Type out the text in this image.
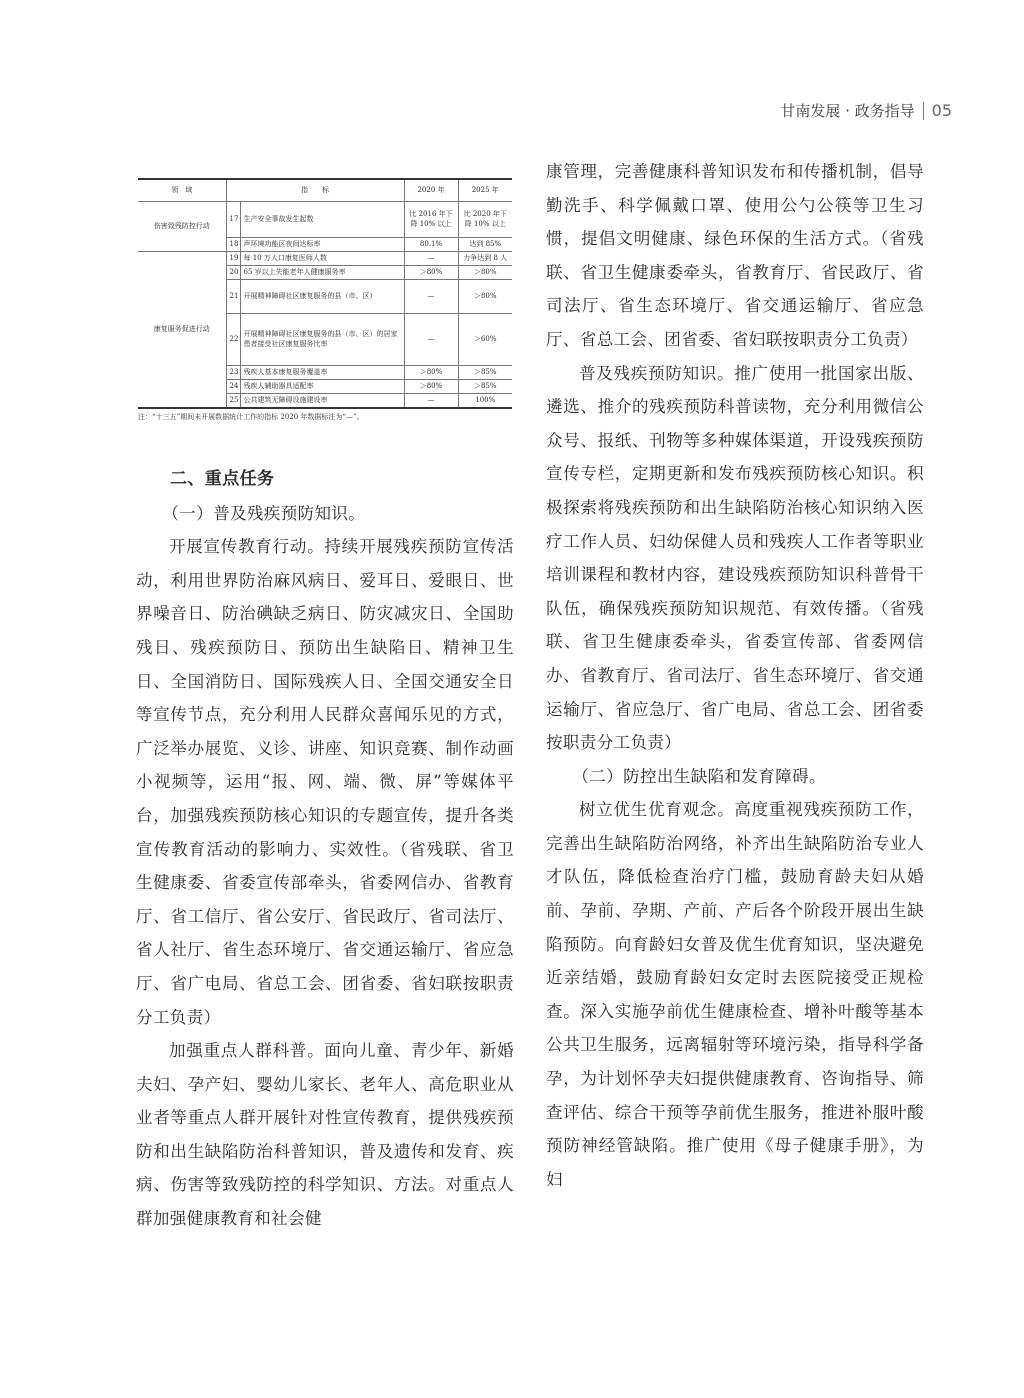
甘南发展 · 政务指导 05
领　域	指　　标		2020 年	2025 年
伤害致残防控行动	17	生产安全事故发生起数	比 2016 年下降 10% 以上	比 2020 年下降 10% 以上
	18	声环境功能区夜间达标率	80.1%	达到 85%
康复服务促进行动	19	每 10 万人口康复医师人数	—	力争达到 8 人
	20	65 岁以上失能老年人健康服务率	＞80%	＞80%
	21	开展精神障碍社区康复服务的县（市、区）	—	＞80%
	22	开展精神障碍社区康复服务的县（市、区）的居家患者接受社区康复服务比率	—	＞60%
	23	残疾人基本康复服务覆盖率	＞80%	＞85%
	24	残疾人辅助器具适配率	＞80%	＞85%
	25	公共建筑无障碍设施建设率	—	100%
注：“十三五”期间未开展数据统计工作的指标 2020 年数据标注为“—”。
二、重点任务
（一）普及残疾预防知识。

开展宣传教育行动。持续开展残疾预防宣传活动，利用世界防治麻风病日、爱耳日、爱眼日、世界噪音日、防治碘缺乏病日、防灾减灾日、全国助残日、残疾预防日、预防出生缺陷日、精神卫生日、全国消防日、国际残疾人日、全国交通安全日等宣传节点，充分利用人民群众喜闻乐见的方式，广泛举办展览、义诊、讲座、知识竞赛、制作动画小视频等，运用“报、网、端、微、屏”等媒体平台，加强残疾预防核心知识的专题宣传，提升各类宣传教育活动的影响力、实效性。（省残联、省卫生健康委、省委宣传部牵头，省委网信办、省教育厅、省工信厅、省公安厅、省民政厅、省司法厅、省人社厅、省生态环境厅、省交通运输厅、省应急厅、省广电局、省总工会、团省委、省妇联按职责分工负责）

加强重点人群科普。面向儿童、青少年、新婚夫妇、孕产妇、婴幼儿家长、老年人、高危职业从业者等重点人群开展针对性宣传教育，提供残疾预防和出生缺陷防治科普知识，普及遗传和发育、疾病、伤害等致残防控的科学知识、方法。对重点人群加强健康教育和社会健

康管理，完善健康科普知识发布和传播机制，倡导勤洗手、科学佩戴口罩、使用公勺公筷等卫生习惯，提倡文明健康、绿色环保的生活方式。（省残联、省卫生健康委牵头，省教育厅、省民政厅、省司法厅、省生态环境厅、省交通运输厅、省应急厅、省总工会、团省委、省妇联按职责分工负责）

普及残疾预防知识。推广使用一批国家出版、遴选、推介的残疾预防科普读物，充分利用微信公众号、报纸、刊物等多种媒体渠道，开设残疾预防宣传专栏，定期更新和发布残疾预防核心知识。积极探索将残疾预防和出生缺陷防治核心知识纳入医疗工作人员、妇幼保健人员和残疾人工作者等职业培训课程和教材内容，建设残疾预防知识科普骨干队伍，确保残疾预防知识规范、有效传播。（省残联、省卫生健康委牵头，省委宣传部、省委网信办、省教育厅、省司法厅、省生态环境厅、省交通运输厅、省应急厅、省广电局、省总工会、团省委按职责分工负责）

（二）防控出生缺陷和发育障碍。

树立优生优育观念。高度重视残疾预防工作，完善出生缺陷防治网络，补齐出生缺陷防治专业人才队伍，降低检查治疗门槛，鼓励育龄夫妇从婚前、孕前、孕期、产前、产后各个阶段开展出生缺陷预防。向育龄妇女普及优生优育知识，坚决避免近亲结婚，鼓励育龄妇女定时去医院接受正规检查。深入实施孕前优生健康检查、增补叶酸等基本公共卫生服务，远离辐射等环境污染，指导科学备孕，为计划怀孕夫妇提供健康教育、咨询指导、筛查评估、综合干预等孕前优生服务，推进补服叶酸预防神经管缺陷。推广使用《母子健康手册》，为妇
